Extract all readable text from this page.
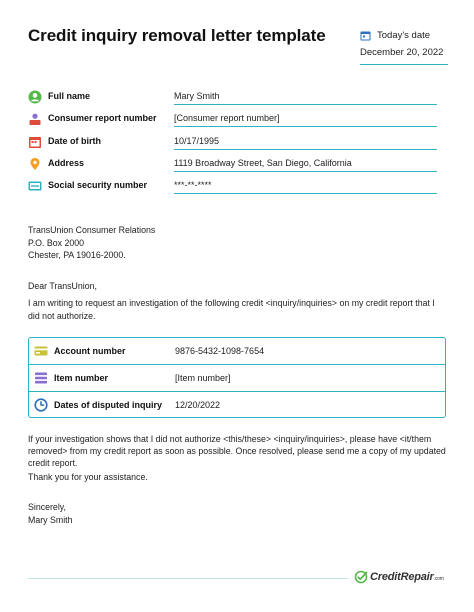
Credit inquiry removal letter template	Today's date
December 20, 2022
Full name	Mary Smith
Consumer report number [Consumer report number]
Date of birth	10/17/1995
Address	1119 Broadway Street, San Diego, California
Social security number	***-**-****
TransUnion Consumer Relations
P.O. Box 2000
Chester, PA 19016-2000.
Dear TransUnion,
I am writing to request an investigation of the following credit <inquiry/inquiries> on my credit report that I did not authorize.
Account number	9876-5432-1098-7654
Item number	[Item number]
Dates of disputed inquiry 12/20/2022
If your investigation shows that I did not authorize <this/these> <inquiry/inquiries>, please have <it/them removed> from my credit report as soon as possible. Once resolved, please send me a copy of my updated credit report.
Thank you for your assistance.
Sincerely,
Mary Smith
CreditRepair.com
